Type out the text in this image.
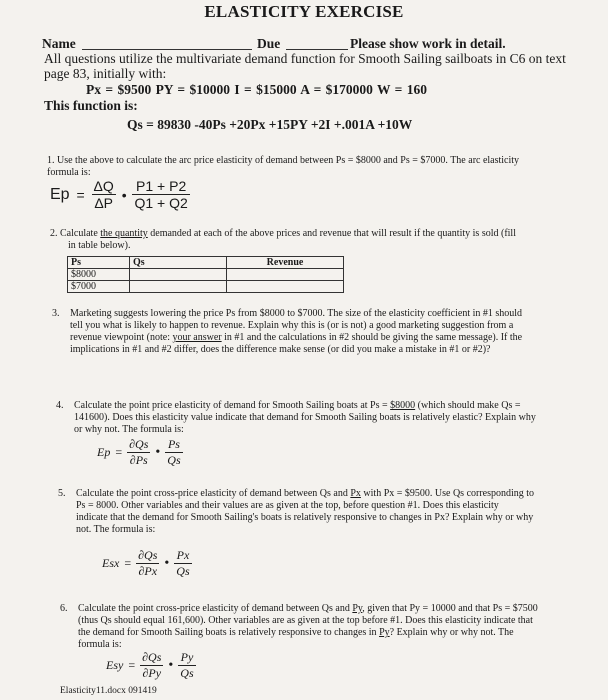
ELASTICITY EXERCISE
Name	Due	Please show work in detail.
All questions utilize the multivariate demand function for Smooth Sailing sailboats in C6 on text
page 83, initially with:
Px = $9500 PY = $10000 I = $15000 A = $170000 W = 160
This function is:
Qs = 89830 -40Ps +20Px +15PY +2I +.001A +10W
1. Use the above to calculate the arc price elasticity of demand between Ps = $8000 and Ps = $7000. The arc elasticity
formula is:
$Ep = \frac{\Delta Q}{\Delta P}$ • $\frac{P1 + P2}{Q1 + Q2}$
2. Calculate the quantity demanded at each of the above prices and revenue that will result if the quantity is sold (fill
in table below).
Ps	Qs	Revenue
$8000		
$7000		
3. Marketing suggests lowering the price Ps from $8000 to $7000. The size of the elasticity coefficient in #1 should
tell you what is likely to happen to revenue. Explain why this is (or is not) a good marketing suggestion from a
revenue viewpoint (note: your answer in #1 and the calculations in #2 should be giving the same message). If the
implications in #1 and #2 differ, does the difference make sense (or did you make a mistake in #1 or #2)?
4. Calculate the point price elasticity of demand for Smooth Sailing boats at Ps = $8000 (which should make Qs =
141600). Does this elasticity value indicate that demand for Smooth Sailing boats is relatively elastic? Explain why
or why not. The formula is:
$Ep = \frac{\partial Qs}{\partial Ps}$ • $\frac{Ps}{Qs}$
5. Calculate the point cross-price elasticity of demand between Qs and Px with Px = $9500. Use Qs corresponding to
Ps = 8000. Other variables and their values are as given at the top, before question #1. Does this elasticity
indicate that the demand for Smooth Sailing's boats is relatively responsive to changes in Px? Explain why or why
not. The formula is:
Esx = $\frac{\partial Qs}{\partial Px}$ • $\frac{Px}{Qs}$
6. Calculate the point cross-price elasticity of demand between Qs and Py, given that Py = 10000 and that Ps = $7500
(thus Qs should equal 161,600). Other variables are as given at the top before #1. Does this elasticity indicate that
the demand for Smooth Sailing boats is relatively responsive to changes in Py? Explain why or why not. The
formula is:
Esy = $\frac{\partial Qs}{\partial Py}$ • $\frac{Py}{Qs}$
Elasticity11.docx 091419
